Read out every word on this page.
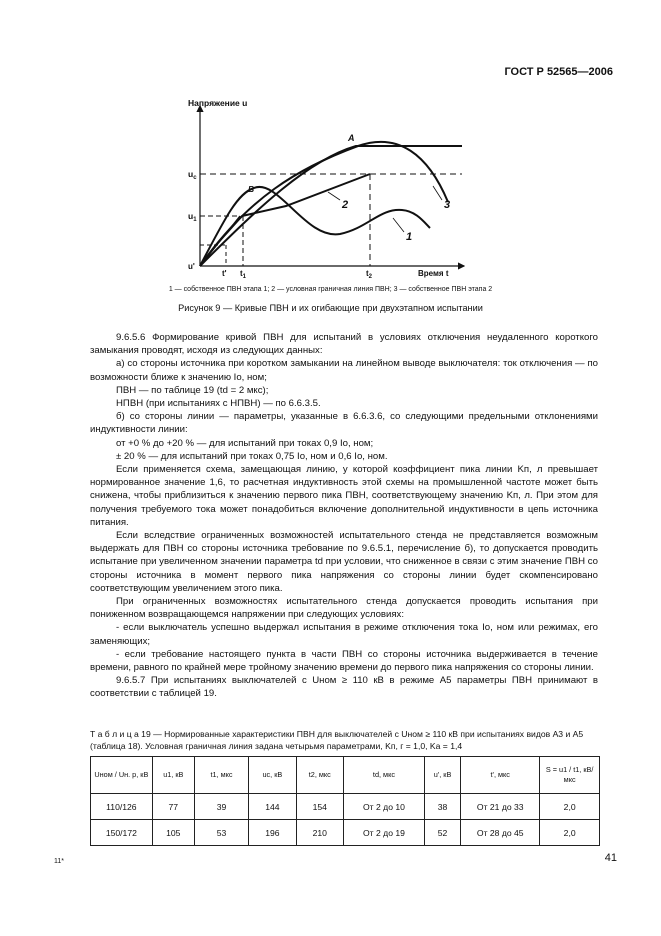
ГОСТ Р 52565—2006
Напряжение u
Время t
$u_c$
$u_1$
u'
t' $t_1$	$t_2$
A
B
1
2	3
1 — собственное ПВН этапа 1; 2 — условная граничная линия ПВН; 3 — собственное ПВН этапа 2
Рисунок 9 — Кривые ПВН и их огибающие при двухэтапном испытании

9.6.5.6 Формирование кривой ПВН для испытаний в условиях отключения неудаленного короткого замыкания проводят, исходя из следующих данных:

а) со стороны источника при коротком замыкании на линейном выводе выключателя: ток отключения — по возможности ближе к значению Iо, ном;

ПВН — по таблице 19 (td = 2 мкс);

НПВН (при испытаниях с НПВН) — по 6.6.3.5.

б) со стороны линии — параметры, указанные в 6.6.3.6, со следующими предельными отклонениями индуктивности линии:

от +0 % до +20 % — для испытаний при токах 0,9 Iо, ном;

± 20 % — для испытаний при токах 0,75 Iо, ном и 0,6 Iо, ном.

Если применяется схема, замещающая линию, у которой коэффициент пика линии Kп, л превышает нормированное значение 1,6, то расчетная индуктивность этой схемы на промышленной частоте может быть снижена, чтобы приблизиться к значению первого пика ПВН, соответствующему значению Kп, л. При этом для получения требуемого тока может понадобиться включение дополнительной индуктивности в цепь источника питания.

Если вследствие ограниченных возможностей испытательного стенда не представляется возможным выдержать для ПВН со стороны источника требование по 9.6.5.1, перечисление б), то допускается проводить испытание при увеличенном значении параметра td при условии, что сниженное в связи с этим значение ПВН со стороны источника в момент первого пика напряжения со стороны линии будет скомпенсировано соответствующим увеличением этого пика.

При ограниченных возможностях испытательного стенда допускается проводить испытания при пониженном возвращающемся напряжении при следующих условиях:

- если выключатель успешно выдержал испытания в режиме отключения тока Iо, ном или режимах, его заменяющих;

- если требование настоящего пункта в части ПВН со стороны источника выдерживается в течение времени, равного по крайней мере тройному значению времени до первого пика напряжения со стороны линии.

9.6.5.7 При испытаниях выключателей с Uном ≥ 110 кВ в режиме A5 параметры ПВН принимают в соответствии с таблицей 19.

Т а б л и ц а 19 — Нормированные характеристики ПВН для выключателей с Uном ≥ 110 кВ при испытаниях видов A3 и A5 (таблица 18). Условная граничная линия задана четырьмя параметрами, Kп, г = 1,0, Kа = 1,4
Uном / Uн. р, кВ	u1, кВ	t1, мкс	uc, кВ	t2, мкс	td, мкс	u', кВ	t', мкс	S = u1 / t1, кВ/мкс
110/126	77	39	144	154	От 2 до 10	38	От 21 до 33	2,0
150/172	105	53	196	210	От 2 до 19	52	От 28 до 45	2,0
11*	41
